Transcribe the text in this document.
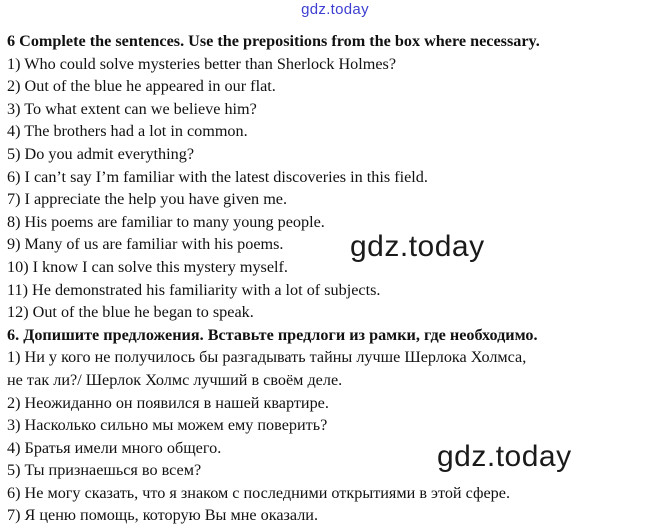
gdz.today
6 Complete the sentences. Use the prepositions from the box where necessary.
1) Who could solve mysteries better than Sherlock Holmes?
2) Out of the blue he appeared in our flat.
3) To what extent can we believe him?
4) The brothers had a lot in common.
5) Do you admit everything?
6) I can’t say I’m familiar with the latest discoveries in this field.
7) I appreciate the help you have given me.
8) His poems are familiar to many young people.
9) Many of us are familiar with his poems.
10) I know I can solve this mystery myself.
11) He demonstrated his familiarity with a lot of subjects.
12) Out of the blue he began to speak.
6. Допишите предложения. Вставьте предлоги из рамки, где необходимо.
1) Ни у кого не получилось бы разгадывать тайны лучше Шерлока Холмса,
не так ли?/ Шерлок Холмс лучший в своём деле.
2) Неожиданно он появился в нашей квартире.
3) Насколько сильно мы можем ему поверить?
4) Братья имели много общего.
5) Ты признаешься во всем?
6) Не могу сказать, что я знаком с последними открытиями в этой сфере.
7) Я ценю помощь, которую Вы мне оказали.
gdz.today
gdz.today
